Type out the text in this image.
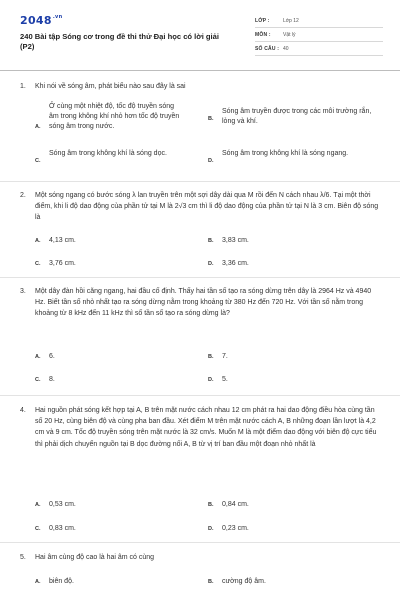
$2048^{.vn}$
240 Bài tập Sóng cơ trong đề thi thử Đại học có lời giải (P2)
LỚP :	Lớp 12
MÔN :	Vật lý
SỐ CÂU : 40
1.	Khi nói về sóng âm, phát biểu nào sau đây là sai
A.
Ở cùng một nhiệt độ, tốc độ truyền sóng âm trong không khí nhỏ hơn tốc độ truyền sóng âm trong nước.
B.
Sóng âm truyền được trong các môi trường rắn, lỏng và khí.
C.
Sóng âm trong không khí là sóng dọc.
D.
Sóng âm trong không khí là sóng ngang.
2.	Một sóng ngang có bước sóng λ lan truyền trên một sợi dây dài qua M rồi đến N cách nhau λ/6. Tại một thời điểm, khi li độ dao động của phần tử tại M là 2√3 cm thì li độ dao động của phần tử tại N là 3 cm. Biên độ sóng là
A.	4,13 cm.	B.	3,83 cm.
C.	3,76 cm.	D.	3,36 cm.
3.	Một dây đàn hồi căng ngang, hai đầu cố định. Thấy hai tần số tạo ra sóng dừng trên dây là 2964 Hz và 4940 Hz. Biết tần số nhỏ nhất tạo ra sóng dừng nằm trong khoảng từ 380 Hz đến 720 Hz. Với tần số nằm trong khoảng từ 8 kHz đến 11 kHz thì số tần số tạo ra sóng dừng là?
A.	6.	B.	7.
C.	8.	D.	5.
4.	Hai nguồn phát sóng kết hợp tại A, B trên mặt nước cách nhau 12 cm phát ra hai dao động điều hòa cùng tần số 20 Hz, cùng biên độ và cùng pha ban đầu. Xét điểm M trên mặt nước cách A, B những đoạn lần lượt là 4,2 cm và 9 cm. Tốc độ truyền sóng trên mặt nước là 32 cm/s. Muốn M là một điểm dao động với biên độ cực tiểu thì phải dịch chuyển nguồn tại B dọc đường nối A, B từ vị trí ban đầu một đoạn nhỏ nhất là
A.	0,53 cm.	B.	0,84 cm.
C.	0,83 cm.	D.	0,23 cm.
5.	Hai âm cùng độ cao là hai âm có cùng
A.	biên độ.	B.	cường độ âm.
